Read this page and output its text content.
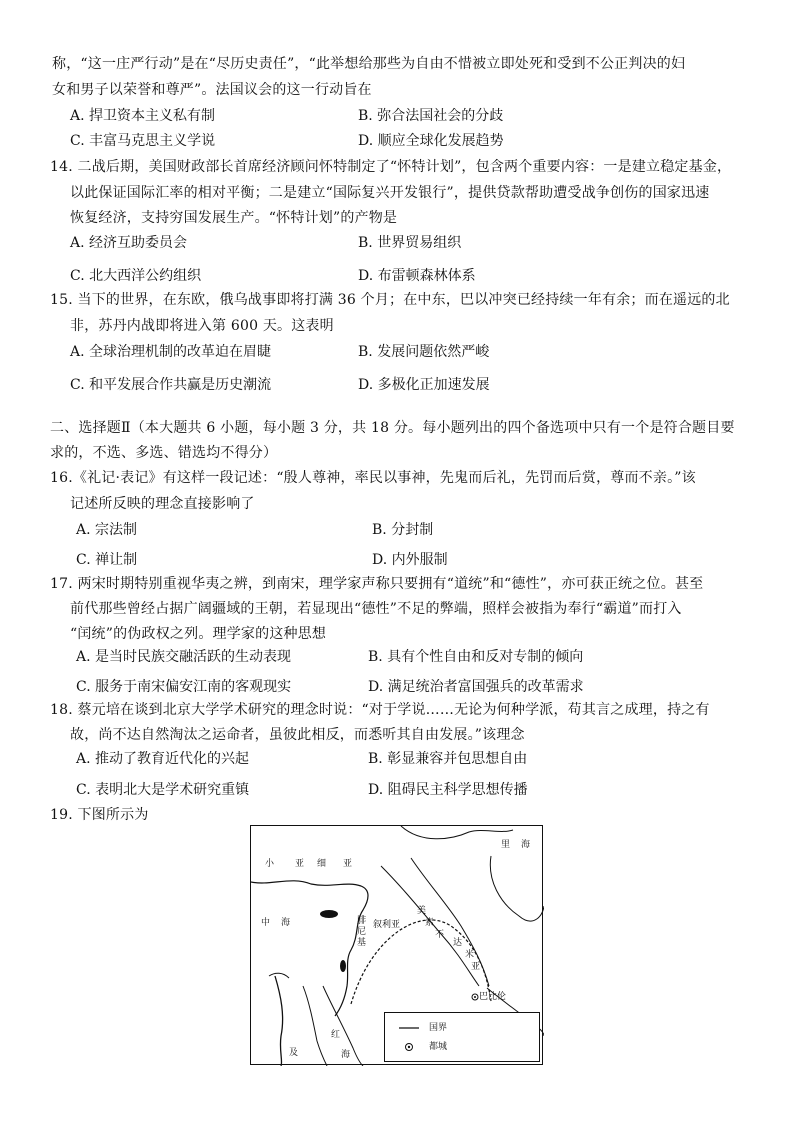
称，“这一庄严行动”是在“尽历史责任”，“此举想给那些为自由不惜被立即处死和受到不公正判决的妇
女和男子以荣誉和尊严”。法国议会的这一行动旨在
A. 捍卫资本主义私有制	B. 弥合法国社会的分歧
C. 丰富马克思主义学说	D. 顺应全球化发展趋势
14. 二战后期，美国财政部长首席经济顾问怀特制定了“怀特计划”，包含两个重要内容：一是建立稳定基金，
以此保证国际汇率的相对平衡；二是建立“国际复兴开发银行”，提供贷款帮助遭受战争创伤的国家迅速
恢复经济，支持穷国发展生产。“怀特计划”的产物是
A. 经济互助委员会	B. 世界贸易组织
C. 北大西洋公约组织	D. 布雷顿森林体系
15. 当下的世界，在东欧，俄乌战事即将打满 36 个月；在中东，巴以冲突已经持续一年有余；而在遥远的北
非，苏丹内战即将进入第 600 天。这表明
A. 全球治理机制的改革迫在眉睫	B. 发展问题依然严峻
C. 和平发展合作共赢是历史潮流	D. 多极化正加速发展
二、选择题Ⅱ（本大题共 6 小题，每小题 3 分，共 18 分。每小题列出的四个备选项中只有一个是符合题目要
求的，不选、多选、错选均不得分）
16.《礼记·表记》有这样一段记述：“殷人尊神，率民以事神，先鬼而后礼，先罚而后赏，尊而不亲。”该
记述所反映的理念直接影响了
A. 宗法制	B. 分封制
C. 禅让制	D. 内外服制
17. 两宋时期特别重视华夷之辨，到南宋，理学家声称只要拥有“道统”和“德性”，亦可获正统之位。甚至
前代那些曾经占据广阔疆域的王朝，若显现出“德性”不足的弊端，照样会被指为奉行“霸道”而打入
“闰统”的伪政权之列。理学家的这种思想
A. 是当时民族交融活跃的生动表现	B. 具有个性自由和反对专制的倾向
C. 服务于南宋偏安江南的客观现实	D. 满足统治者富国强兵的改革需求
18. 蔡元培在谈到北京大学学术研究的理念时说：“对于学说……无论为何种学派，苟其言之成理，持之有
故，尚不达自然淘汰之运命者，虽彼此相反，而悉听其自由发展。”该理念
A. 推动了教育近代化的兴起	B. 彰显兼容并包思想自由
C. 表明北大是学术研究重镇	D. 阻碍民主科学思想传播
19. 下图所示为
小 亚 细 亚
里 海
中 海	腓
尼
基
叙利亚
美
索
不
达
米
亚
巴比伦
红
海
及
国界
都城
